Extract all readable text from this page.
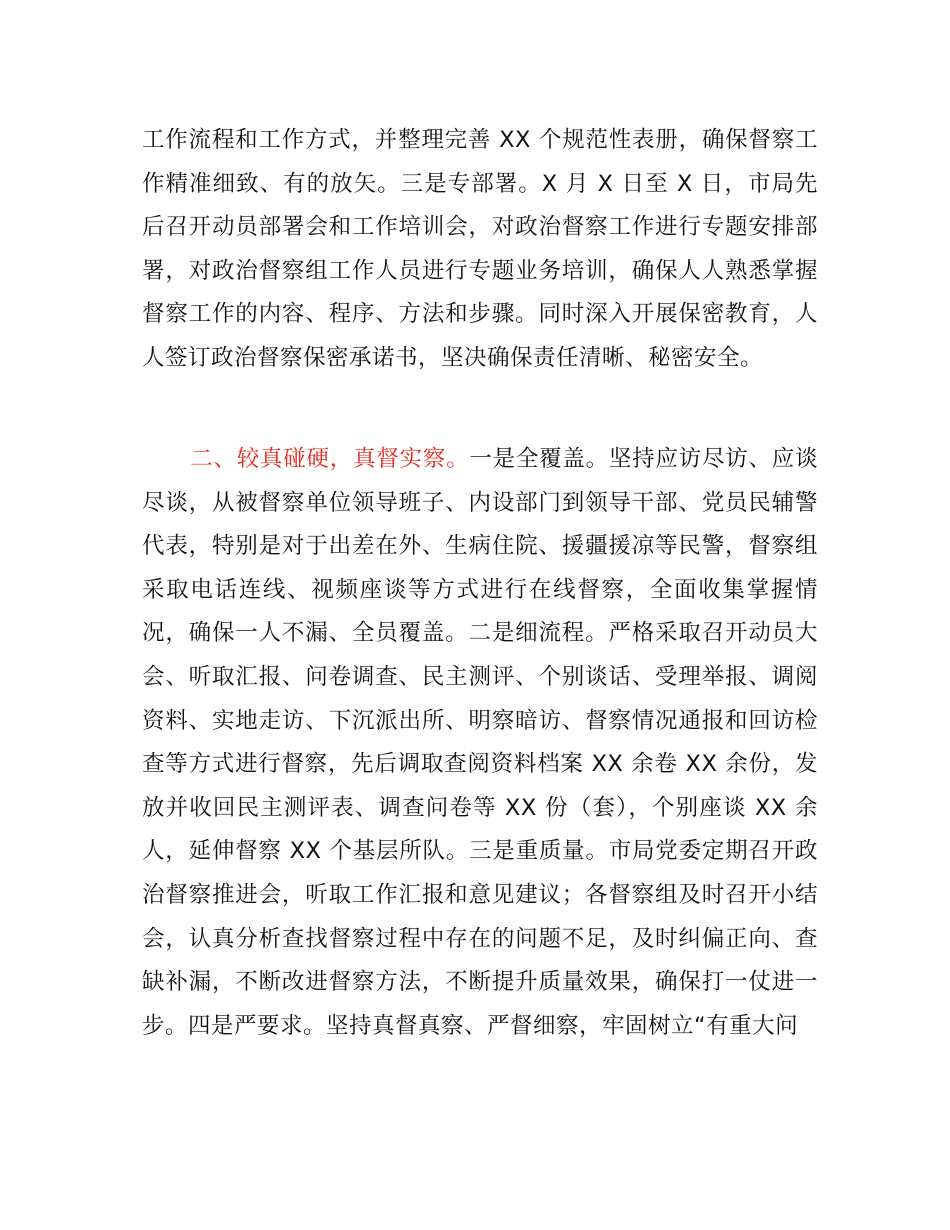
工作流程和工作方式，并整理完善 XX 个规范性表册，确保督察工作精准细致、有的放矢。三是专部署。X 月 X 日至 X 日，市局先后召开动员部署会和工作培训会，对政治督察工作进行专题安排部署，对政治督察组工作人员进行专题业务培训，确保人人熟悉掌握督察工作的内容、程序、方法和步骤。同时深入开展保密教育，人人签订政治督察保密承诺书，坚决确保责任清晰、秘密安全。

二、较真碰硬，真督实察。一是全覆盖。坚持应访尽访、应谈尽谈，从被督察单位领导班子、内设部门到领导干部、党员民辅警代表，特别是对于出差在外、生病住院、援疆援凉等民警，督察组采取电话连线、视频座谈等方式进行在线督察，全面收集掌握情况，确保一人不漏、全员覆盖。二是细流程。严格采取召开动员大会、听取汇报、问卷调查、民主测评、个别谈话、受理举报、调阅资料、实地走访、下沉派出所、明察暗访、督察情况通报和回访检查等方式进行督察，先后调取查阅资料档案 XX 余卷 XX 余份，发放并收回民主测评表、调查问卷等 XX 份（套），个别座谈 XX 余人，延伸督察 XX 个基层所队。三是重质量。市局党委定期召开政治督察推进会，听取工作汇报和意见建议；各督察组及时召开小结会，认真分析查找督察过程中存在的问题不足，及时纠偏正向、查缺补漏，不断改进督察方法，不断提升质量效果，确保打一仗进一步。四是严要求。坚持真督真察、严督细察，牢固树立“有重大问
